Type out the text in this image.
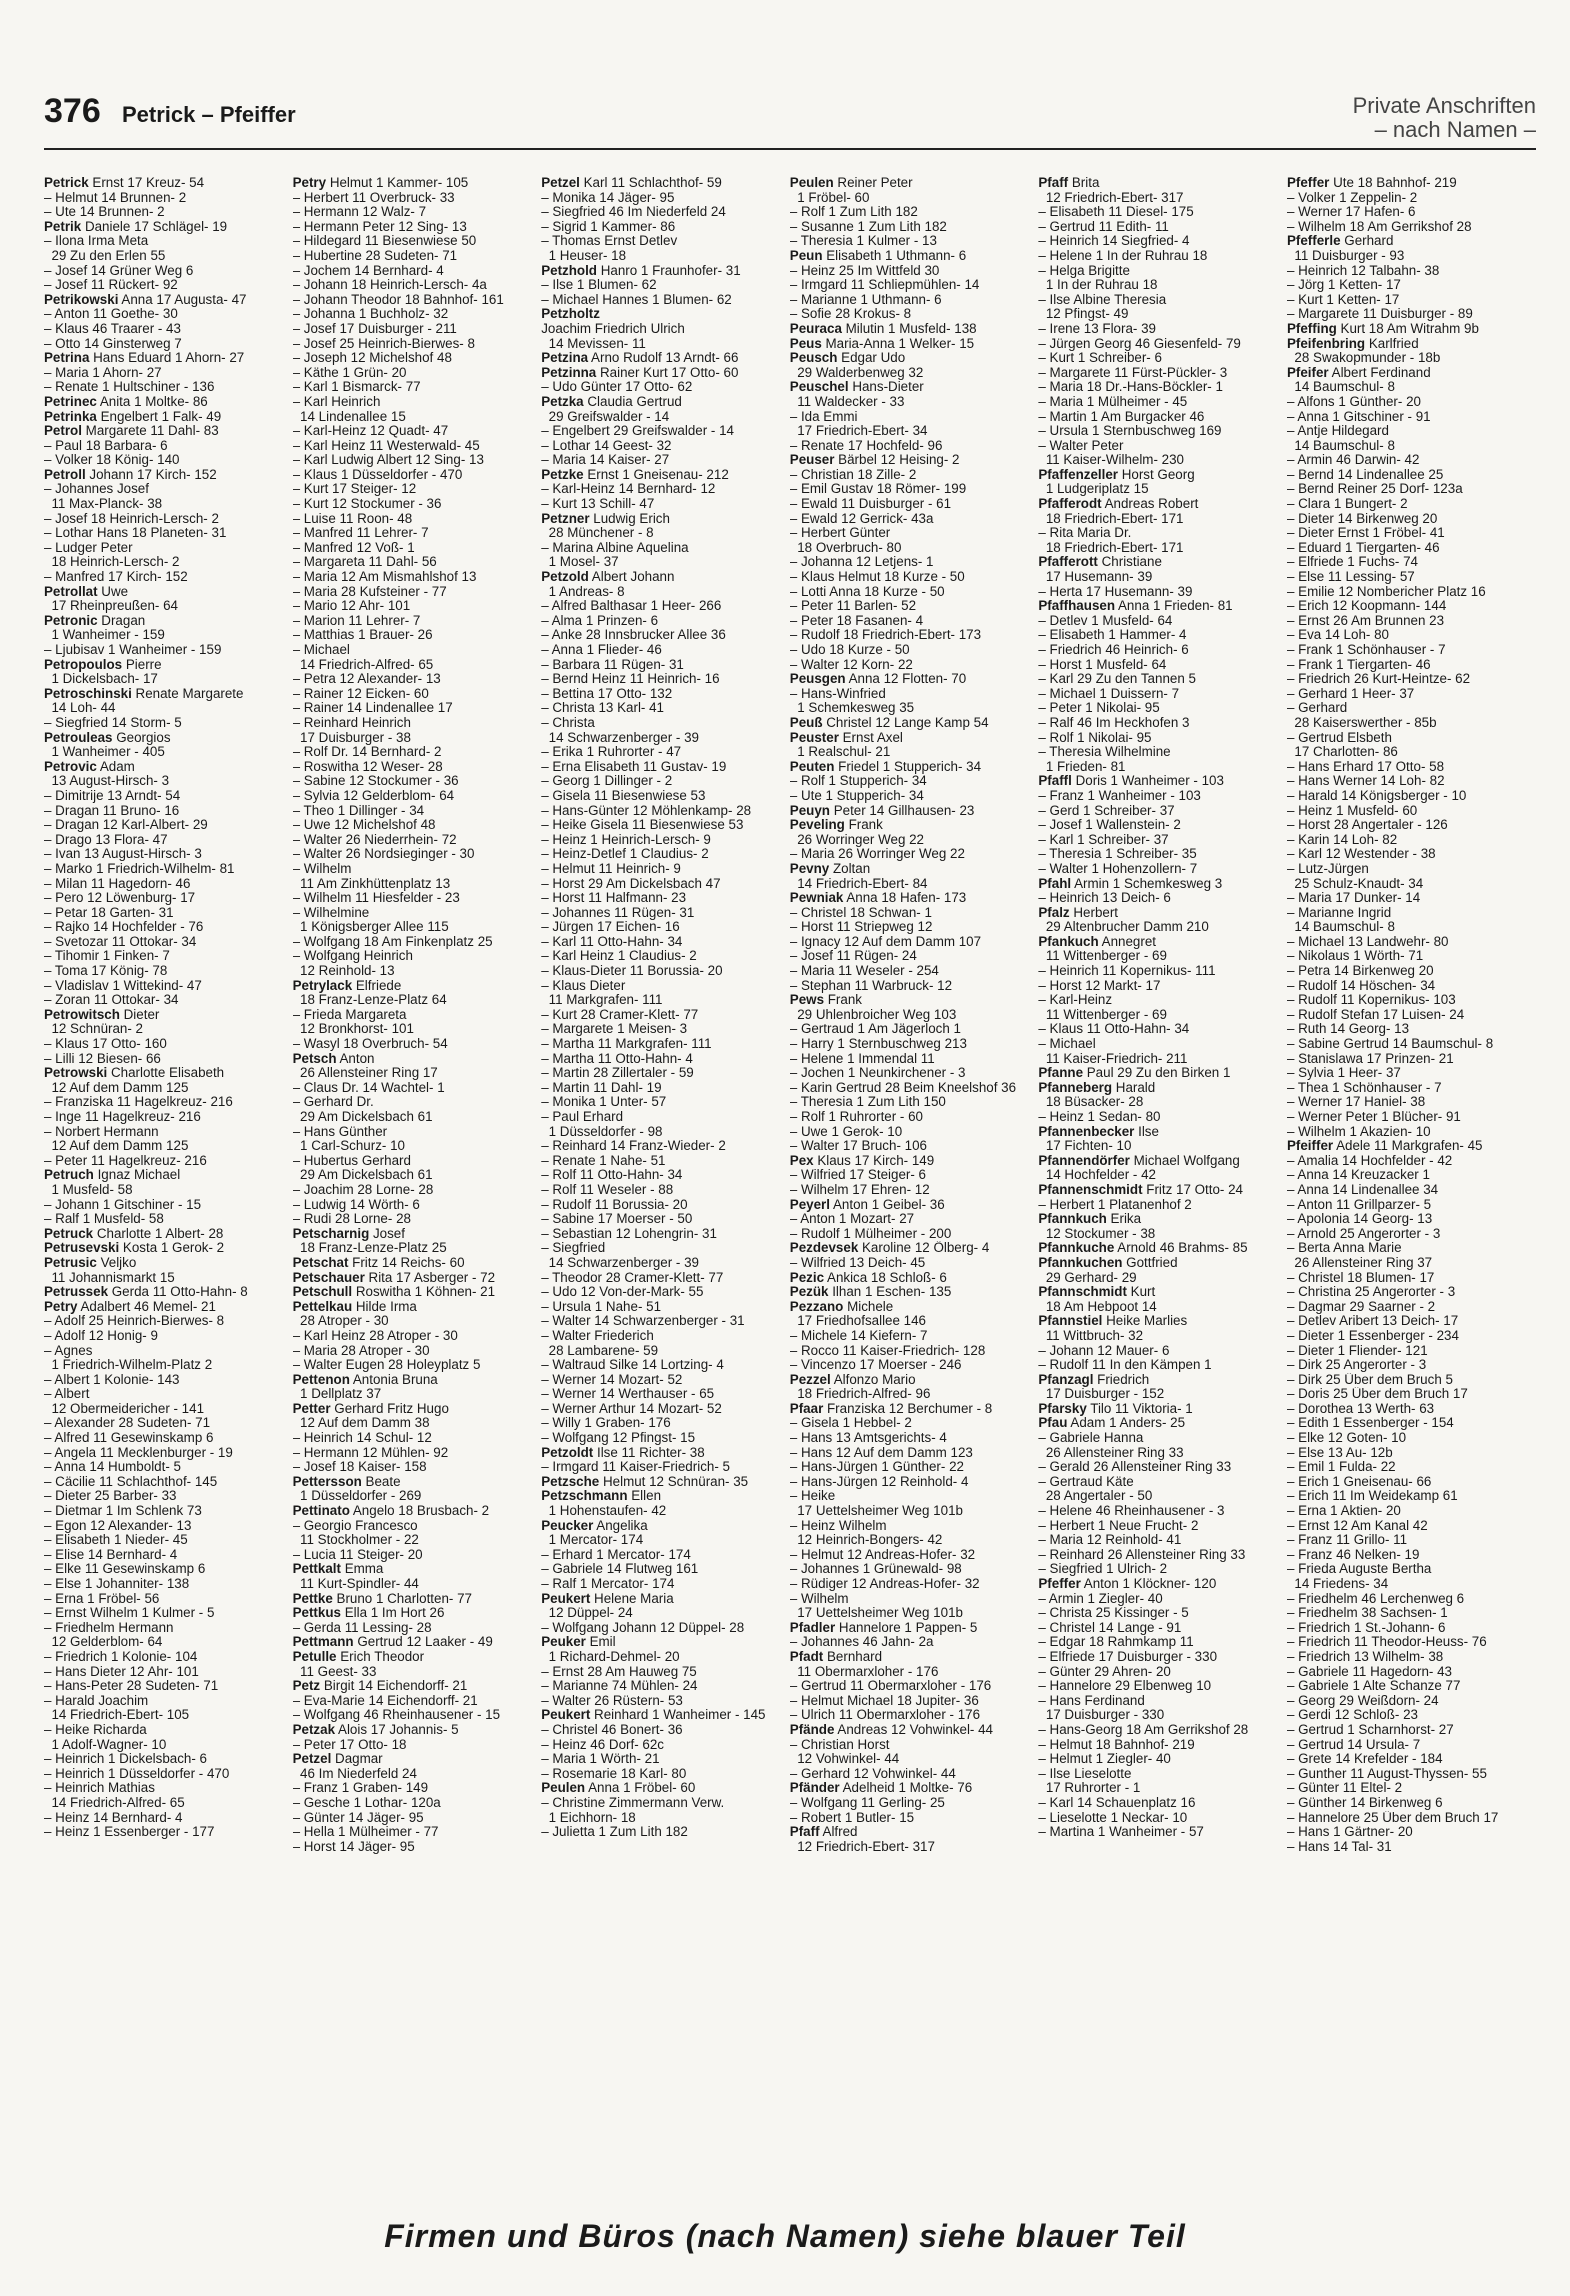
376 Petrick – Pfeiffer	Private Anschriften
– nach Namen –
Petrick Ernst 17 Kreuz- 54
– Helmut 14 Brunnen- 2
– Ute 14 Brunnen- 2
Petrik Daniele 17 Schlägel- 19
– Ilona Irma Meta
29 Zu den Erlen 55
– Josef 14 Grüner Weg 6
– Josef 11 Rückert- 92
Petrikowski Anna 17 Augusta- 47
– Anton 11 Goethe- 30
– Klaus 46 Traarer - 43
– Otto 14 Ginsterweg 7
Petrina Hans Eduard 1 Ahorn- 27
– Maria 1 Ahorn- 27
– Renate 1 Hultschiner - 136
Petrinec Anita 1 Moltke- 86
Petrinka Engelbert 1 Falk- 49
Petrol Margarete 11 Dahl- 83
– Paul 18 Barbara- 6
– Volker 18 König- 140
Petroll Johann 17 Kirch- 152
– Johannes Josef
11 Max-Planck- 38
– Josef 18 Heinrich-Lersch- 2
– Lothar Hans 18 Planeten- 31
– Ludger Peter
18 Heinrich-Lersch- 2
– Manfred 17 Kirch- 152
Petrollat Uwe
17 Rheinpreußen- 64
Petronic Dragan
1 Wanheimer - 159
– Ljubisav 1 Wanheimer - 159
Petropoulos Pierre
1 Dickelsbach- 17
Petroschinski Renate Margarete
14 Loh- 44
– Siegfried 14 Storm- 5
Petrouleas Georgios
1 Wanheimer - 405
Petrovic Adam
13 August-Hirsch- 3
– Dimitrije 13 Arndt- 54
– Dragan 11 Bruno- 16
– Dragan 12 Karl-Albert- 29
– Drago 13 Flora- 47
– Ivan 13 August-Hirsch- 3
– Marko 1 Friedrich-Wilhelm- 81
– Milan 11 Hagedorn- 46
– Pero 12 Löwenburg- 17
– Petar 18 Garten- 31
– Rajko 14 Hochfelder - 76
– Svetozar 11 Ottokar- 34
– Tihomir 1 Finken- 7
– Toma 17 König- 78
– Vladislav 1 Wittekind- 47
– Zoran 11 Ottokar- 34
Petrowitsch Dieter
12 Schnüran- 2
– Klaus 17 Otto- 160
– Lilli 12 Biesen- 66
Petrowski Charlotte Elisabeth
12 Auf dem Damm 125
– Franziska 11 Hagelkreuz- 216
– Inge 11 Hagelkreuz- 216
– Norbert Hermann
12 Auf dem Damm 125
– Peter 11 Hagelkreuz- 216
Petruch Ignaz Michael
1 Musfeld- 58
– Johann 1 Gitschiner - 15
– Ralf 1 Musfeld- 58
Petruck Charlotte 1 Albert- 28
Petrusevski Kosta 1 Gerok- 2
Petrusic Veljko
11 Johannismarkt 15
Petrussek Gerda 11 Otto-Hahn- 8
Petry Adalbert 46 Memel- 21
– Adolf 25 Heinrich-Bierwes- 8
– Adolf 12 Honig- 9
– Agnes
1 Friedrich-Wilhelm-Platz 2
– Albert 1 Kolonie- 143
– Albert
12 Obermeidericher - 141
– Alexander 28 Sudeten- 71
– Alfred 11 Gesewinskamp 6
– Angela 11 Mecklenburger - 19
– Anna 14 Humboldt- 5
– Cäcilie 11 Schlachthof- 145
– Dieter 25 Barber- 33
– Dietmar 1 Im Schlenk 73
– Egon 12 Alexander- 13
– Elisabeth 1 Nieder- 45
– Elise 14 Bernhard- 4
– Elke 11 Gesewinskamp 6
– Else 1 Johanniter- 138
– Erna 1 Fröbel- 56
– Ernst Wilhelm 1 Kulmer - 5
– Friedhelm Hermann
12 Gelderblom- 64
– Friedrich 1 Kolonie- 104
– Hans Dieter 12 Ahr- 101
– Hans-Peter 28 Sudeten- 71
– Harald Joachim
14 Friedrich-Ebert- 105
– Heike Richarda
1 Adolf-Wagner- 10
– Heinrich 1 Dickelsbach- 6
– Heinrich 1 Düsseldorfer - 470
– Heinrich Mathias
14 Friedrich-Alfred- 65
– Heinz 14 Bernhard- 4
– Heinz 1 Essenberger - 177
Petry Helmut 1 Kammer- 105
– Herbert 11 Overbruck- 33
– Hermann 12 Walz- 7
– Hermann Peter 12 Sing- 13
– Hildegard 11 Biesenwiese 50
– Hubertine 28 Sudeten- 71
– Jochem 14 Bernhard- 4
– Johann 18 Heinrich-Lersch- 4a
– Johann Theodor 18 Bahnhof- 161
– Johanna 1 Buchholz- 32
– Josef 17 Duisburger - 211
– Josef 25 Heinrich-Bierwes- 8
– Joseph 12 Michelshof 48
– Käthe 1 Grün- 20
– Karl 1 Bismarck- 77
– Karl Heinrich
14 Lindenallee 15
– Karl-Heinz 12 Quadt- 47
– Karl Heinz 11 Westerwald- 45
– Karl Ludwig Albert 12 Sing- 13
– Klaus 1 Düsseldorfer - 470
– Kurt 17 Steiger- 12
– Kurt 12 Stockumer - 36
– Luise 11 Roon- 48
– Manfred 11 Lehrer- 7
– Manfred 12 Voß- 1
– Margareta 11 Dahl- 56
– Maria 12 Am Mismahlshof 13
– Maria 28 Kufsteiner - 77
– Mario 12 Ahr- 101
– Marion 11 Lehrer- 7
– Matthias 1 Brauer- 26
– Michael
14 Friedrich-Alfred- 65
– Petra 12 Alexander- 13
– Rainer 12 Eicken- 60
– Rainer 14 Lindenallee 17
– Reinhard Heinrich
17 Duisburger - 38
– Rolf Dr. 14 Bernhard- 2
– Roswitha 12 Weser- 28
– Sabine 12 Stockumer - 36
– Sylvia 12 Gelderblom- 64
– Theo 1 Dillinger - 34
– Uwe 12 Michelshof 48
– Walter 26 Niederrhein- 72
– Walter 26 Nordsieginger - 30
– Wilhelm
11 Am Zinkhüttenplatz 13
– Wilhelm 11 Hiesfelder - 23
– Wilhelmine
1 Königsberger Allee 115
– Wolfgang 18 Am Finkenplatz 25
– Wolfgang Heinrich
12 Reinhold- 13
Petrylack Elfriede
18 Franz-Lenze-Platz 64
– Frieda Margareta
12 Bronkhorst- 101
– Wasyl 18 Overbruch- 54
Petsch Anton
26 Allensteiner Ring 17
– Claus Dr. 14 Wachtel- 1
– Gerhard Dr.
29 Am Dickelsbach 61
– Hans Günther
1 Carl-Schurz- 10
– Hubertus Gerhard
29 Am Dickelsbach 61
– Joachim 28 Lorne- 28
– Ludwig 14 Wörth- 6
– Rudi 28 Lorne- 28
Petscharnig Josef
18 Franz-Lenze-Platz 25
Petschat Fritz 14 Reichs- 60
Petschauer Rita 17 Asberger - 72
Petschull Roswitha 1 Köhnen- 21
Pettelkau Hilde Irma
28 Atroper - 30
– Karl Heinz 28 Atroper - 30
– Maria 28 Atroper - 30
– Walter Eugen 28 Holeyplatz 5
Pettenon Antonia Bruna
1 Dellplatz 37
Petter Gerhard Fritz Hugo
12 Auf dem Damm 38
– Heinrich 14 Schul- 12
– Hermann 12 Mühlen- 92
– Josef 18 Kaiser- 158
Pettersson Beate
1 Düsseldorfer - 269
Pettinato Angelo 18 Brusbach- 2
– Georgio Francesco
11 Stockholmer - 22
– Lucia 11 Steiger- 20
Pettkalt Emma
11 Kurt-Spindler- 44
Pettke Bruno 1 Charlotten- 77
Pettkus Ella 1 Im Hort 26
– Gerda 11 Lessing- 28
Pettmann Gertrud 12 Laaker - 49
Petulle Erich Theodor
11 Geest- 33
Petz Birgit 14 Eichendorff- 21
– Eva-Marie 14 Eichendorff- 21
– Wolfgang 46 Rheinhausener - 15
Petzak Alois 17 Johannis- 5
– Peter 17 Otto- 18
Petzel Dagmar
46 Im Niederfeld 24
– Franz 1 Graben- 149
– Gesche 1 Lothar- 120a
– Günter 14 Jäger- 95
– Hella 1 Mülheimer - 77
– Horst 14 Jäger- 95
Petzel Karl 11 Schlachthof- 59
– Monika 14 Jäger- 95
– Siegfried 46 Im Niederfeld 24
– Sigrid 1 Kammer- 86
– Thomas Ernst Detlev
1 Heuser- 18
Petzhold Hanro 1 Fraunhofer- 31
– Ilse 1 Blumen- 62
– Michael Hannes 1 Blumen- 62
Petzholtz
Joachim Friedrich Ulrich
14 Mevissen- 11
Petzina Arno Rudolf 13 Arndt- 66
Petzinna Rainer Kurt 17 Otto- 60
– Udo Günter 17 Otto- 62
Petzka Claudia Gertrud
29 Greifswalder - 14
– Engelbert 29 Greifswalder - 14
– Lothar 14 Geest- 32
– Maria 14 Kaiser- 27
Petzke Ernst 1 Gneisenau- 212
– Karl-Heinz 14 Bernhard- 12
– Kurt 13 Schill- 47
Petzner Ludwig Erich
28 Münchener - 8
– Marina Albine Aquelina
1 Mosel- 37
Petzold Albert Johann
1 Andreas- 8
– Alfred Balthasar 1 Heer- 266
– Alma 1 Prinzen- 6
– Anke 28 Innsbrucker Allee 36
– Anna 1 Flieder- 46
– Barbara 11 Rügen- 31
– Bernd Heinz 11 Heinrich- 16
– Bettina 17 Otto- 132
– Christa 13 Karl- 41
– Christa
14 Schwarzenberger - 39
– Erika 1 Ruhrorter - 47
– Erna Elisabeth 11 Gustav- 19
– Georg 1 Dillinger - 2
– Gisela 11 Biesenwiese 53
– Hans-Günter 12 Möhlenkamp- 28
– Heike Gisela 11 Biesenwiese 53
– Heinz 1 Heinrich-Lersch- 9
– Heinz-Detlef 1 Claudius- 2
– Helmut 11 Heinrich- 9
– Horst 29 Am Dickelsbach 47
– Horst 11 Halfmann- 23
– Johannes 11 Rügen- 31
– Jürgen 17 Eichen- 16
– Karl 11 Otto-Hahn- 34
– Karl Heinz 1 Claudius- 2
– Klaus-Dieter 11 Borussia- 20
– Klaus Dieter
11 Markgrafen- 111
– Kurt 28 Cramer-Klett- 77
– Margarete 1 Meisen- 3
– Martha 11 Markgrafen- 111
– Martha 11 Otto-Hahn- 4
– Martin 28 Zillertaler - 59
– Martin 11 Dahl- 19
– Monika 1 Unter- 57
– Paul Erhard
1 Düsseldorfer - 98
– Reinhard 14 Franz-Wieder- 2
– Renate 1 Nahe- 51
– Rolf 11 Otto-Hahn- 34
– Rolf 11 Weseler - 88
– Rudolf 11 Borussia- 20
– Sabine 17 Moerser - 50
– Sebastian 12 Lohengrin- 31
– Siegfried
14 Schwarzenberger - 39
– Theodor 28 Cramer-Klett- 77
– Udo 12 Von-der-Mark- 55
– Ursula 1 Nahe- 51
– Walter 14 Schwarzenberger - 31
– Walter Friederich
28 Lambarene- 59
– Waltraud Silke 14 Lortzing- 4
– Werner 14 Mozart- 52
– Werner 14 Werthauser - 65
– Werner Arthur 14 Mozart- 52
– Willy 1 Graben- 176
– Wolfgang 12 Pfingst- 15
Petzoldt Ilse 11 Richter- 38
– Irmgard 11 Kaiser-Friedrich- 5
Petzsche Helmut 12 Schnüran- 35
Petzschmann Ellen
1 Hohenstaufen- 42
Peucker Angelika
1 Mercator- 174
– Erhard 1 Mercator- 174
– Gabriele 14 Flutweg 161
– Ralf 1 Mercator- 174
Peukert Helene Maria
12 Düppel- 24
– Wolfgang Johann 12 Düppel- 28
Peuker Emil
1 Richard-Dehmel- 20
– Ernst 28 Am Hauweg 75
– Marianne 74 Mühlen- 24
– Walter 26 Rüstern- 53
Peukert Reinhard 1 Wanheimer - 145
– Christel 46 Bonert- 36
– Heinz 46 Dorf- 62c
– Maria 1 Wörth- 21
– Rosemarie 18 Karl- 80
Peulen Anna 1 Fröbel- 60
– Christine Zimmermann Verw.
1 Eichhorn- 18
– Julietta 1 Zum Lith 182
Peulen Reiner Peter
1 Fröbel- 60
– Rolf 1 Zum Lith 182
– Susanne 1 Zum Lith 182
– Theresia 1 Kulmer - 13
Peun Elisabeth 1 Uthmann- 6
– Heinz 25 Im Wittfeld 30
– Irmgard 11 Schliepmühlen- 14
– Marianne 1 Uthmann- 6
– Sofie 28 Krokus- 8
Peuraca Milutin 1 Musfeld- 138
Peus Maria-Anna 1 Welker- 15
Peusch Edgar Udo
29 Walderbenweg 32
Peuschel Hans-Dieter
11 Waldecker - 33
– Ida Emmi
17 Friedrich-Ebert- 34
– Renate 17 Hochfeld- 96
Peuser Bärbel 12 Heising- 2
– Christian 18 Zille- 2
– Emil Gustav 18 Römer- 199
– Ewald 11 Duisburger - 61
– Ewald 12 Gerrick- 43a
– Herbert Günter
18 Overbruch- 80
– Johanna 12 Letjens- 1
– Klaus Helmut 18 Kurze - 50
– Lotti Anna 18 Kurze - 50
– Peter 11 Barlen- 52
– Peter 18 Fasanen- 4
– Rudolf 18 Friedrich-Ebert- 173
– Udo 18 Kurze - 50
– Walter 12 Korn- 22
Peusgen Anna 12 Flotten- 70
– Hans-Winfried
1 Schemkesweg 35
Peuß Christel 12 Lange Kamp 54
Peuster Ernst Axel
1 Realschul- 21
Peuten Friedel 1 Stupperich- 34
– Rolf 1 Stupperich- 34
– Ute 1 Stupperich- 34
Peuyn Peter 14 Gillhausen- 23
Peveling Frank
26 Worringer Weg 22
– Maria 26 Worringer Weg 22
Pevny Zoltan
14 Friedrich-Ebert- 84
Pewniak Anna 18 Hafen- 173
– Christel 18 Schwan- 1
– Horst 11 Striepweg 12
– Ignacy 12 Auf dem Damm 107
– Josef 11 Rügen- 24
– Maria 11 Weseler - 254
– Stephan 11 Warbruck- 12
Pews Frank
29 Uhlenbroicher Weg 103
– Gertraud 1 Am Jägerloch 1
– Harry 1 Sternbuschweg 213
– Helene 1 Immendal 11
– Jochen 1 Neunkirchener - 3
– Karin Gertrud 28 Beim Kneelshof 36
– Theresia 1 Zum Lith 150
– Rolf 1 Ruhrorter - 60
– Uwe 1 Gerok- 10
– Walter 17 Bruch- 106
Pex Klaus 17 Kirch- 149
– Wilfried 17 Steiger- 6
– Wilhelm 17 Ehren- 12
Peyerl Anton 1 Geibel- 36
– Anton 1 Mozart- 27
– Rudolf 1 Mülheimer - 200
Pezdevsek Karoline 12 Ölberg- 4
– Wilfried 13 Deich- 45
Pezic Ankica 18 Schloß- 6
Pezük Ilhan 1 Eschen- 135
Pezzano Michele
17 Friedhofsallee 146
– Michele 14 Kiefern- 7
– Rocco 11 Kaiser-Friedrich- 128
– Vincenzo 17 Moerser - 246
Pezzel Alfonzo Mario
18 Friedrich-Alfred- 96
Pfaar Franziska 12 Berchumer - 8
– Gisela 1 Hebbel- 2
– Hans 13 Amtsgerichts- 4
– Hans 12 Auf dem Damm 123
– Hans-Jürgen 1 Günther- 22
– Hans-Jürgen 12 Reinhold- 4
– Heike
17 Uettelsheimer Weg 101b
– Heinz Wilhelm
12 Heinrich-Bongers- 42
– Helmut 12 Andreas-Hofer- 32
– Johannes 1 Grünewald- 98
– Rüdiger 12 Andreas-Hofer- 32
– Wilhelm
17 Uettelsheimer Weg 101b
Pfadler Hannelore 1 Pappen- 5
– Johannes 46 Jahn- 2a
Pfadt Bernhard
11 Obermarxloher - 176
– Gertrud 11 Obermarxloher - 176
– Helmut Michael 18 Jupiter- 36
– Ulrich 11 Obermarxloher - 176
Pfände Andreas 12 Vohwinkel- 44
– Christian Horst
12 Vohwinkel- 44
– Gerhard 12 Vohwinkel- 44
Pfänder Adelheid 1 Moltke- 76
– Wolfgang 11 Gerling- 25
– Robert 1 Butler- 15
Pfaff Alfred
12 Friedrich-Ebert- 317
Pfaff Brita
12 Friedrich-Ebert- 317
– Elisabeth 11 Diesel- 175
– Gertrud 11 Edith- 11
– Heinrich 14 Siegfried- 4
– Helene 1 In der Ruhrau 18
– Helga Brigitte
1 In der Ruhrau 18
– Ilse Albine Theresia
12 Pfingst- 49
– Irene 13 Flora- 39
– Jürgen Georg 46 Giesenfeld- 79
– Kurt 1 Schreiber- 6
– Margarete 11 Fürst-Pückler- 3
– Maria 18 Dr.-Hans-Böckler- 1
– Maria 1 Mülheimer - 45
– Martin 1 Am Burgacker 46
– Ursula 1 Sternbuschweg 169
– Walter Peter
11 Kaiser-Wilhelm- 230
Pfaffenzeller Horst Georg
1 Ludgeriplatz 15
Pfafferodt Andreas Robert
18 Friedrich-Ebert- 171
– Rita Maria Dr.
18 Friedrich-Ebert- 171
Pfafferott Christiane
17 Husemann- 39
– Herta 17 Husemann- 39
Pfaffhausen Anna 1 Frieden- 81
– Detlev 1 Musfeld- 64
– Elisabeth 1 Hammer- 4
– Friedrich 46 Heinrich- 6
– Horst 1 Musfeld- 64
– Karl 29 Zu den Tannen 5
– Michael 1 Duissern- 7
– Peter 1 Nikolai- 95
– Ralf 46 Im Heckhofen 3
– Rolf 1 Nikolai- 95
– Theresia Wilhelmine
1 Frieden- 81
Pfaffl Doris 1 Wanheimer - 103
– Franz 1 Wanheimer - 103
– Gerd 1 Schreiber- 37
– Josef 1 Wallenstein- 2
– Karl 1 Schreiber- 37
– Theresia 1 Schreiber- 35
– Walter 1 Hohenzollern- 7
Pfahl Armin 1 Schemkesweg 3
– Heinrich 13 Deich- 6
Pfalz Herbert
29 Altenbrucher Damm 210
Pfankuch Annegret
11 Wittenberger - 69
– Heinrich 11 Kopernikus- 111
– Horst 12 Markt- 17
– Karl-Heinz
11 Wittenberger - 69
– Klaus 11 Otto-Hahn- 34
– Michael
11 Kaiser-Friedrich- 211
Pfanne Paul 29 Zu den Birken 1
Pfanneberg Harald
18 Büsacker- 28
– Heinz 1 Sedan- 80
Pfannenbecker Ilse
17 Fichten- 10
Pfannendörfer Michael Wolfgang
14 Hochfelder - 42
Pfannenschmidt Fritz 17 Otto- 24
– Herbert 1 Platanenhof 2
Pfannkuch Erika
12 Stockumer - 38
Pfannkuche Arnold 46 Brahms- 85
Pfannkuchen Gottfried
29 Gerhard- 29
Pfannschmidt Kurt
18 Am Hebpoot 14
Pfannstiel Heike Marlies
11 Wittbruch- 32
– Johann 12 Mauer- 6
– Rudolf 11 In den Kämpen 1
Pfanzagl Friedrich
17 Duisburger - 152
Pfarsky Tilo 11 Viktoria- 1
Pfau Adam 1 Anders- 25
– Gabriele Hanna
26 Allensteiner Ring 33
– Gerald 26 Allensteiner Ring 33
– Gertraud Käte
28 Angertaler - 50
– Helene 46 Rheinhausener - 3
– Herbert 1 Neue Frucht- 2
– Maria 12 Reinhold- 41
– Reinhard 26 Allensteiner Ring 33
– Siegfried 1 Ulrich- 2
Pfeffer Anton 1 Klöckner- 120
– Armin 1 Ziegler- 40
– Christa 25 Kissinger - 5
– Christel 14 Lange - 91
– Edgar 18 Rahmkamp 11
– Elfriede 17 Duisburger - 330
– Günter 29 Ahren- 20
– Hannelore 29 Elbenweg 10
– Hans Ferdinand
17 Duisburger - 330
– Hans-Georg 18 Am Gerrikshof 28
– Helmut 18 Bahnhof- 219
– Helmut 1 Ziegler- 40
– Ilse Lieselotte
17 Ruhrorter - 1
– Karl 14 Schauenplatz 16
– Lieselotte 1 Neckar- 10
– Martina 1 Wanheimer - 57
Pfeffer Ute 18 Bahnhof- 219
– Volker 1 Zeppelin- 2
– Werner 17 Hafen- 6
– Wilhelm 18 Am Gerrikshof 28
Pfefferle Gerhard
11 Duisburger - 93
– Heinrich 12 Talbahn- 38
– Jörg 1 Ketten- 17
– Kurt 1 Ketten- 17
– Margarete 11 Duisburger - 89
Pfeffing Kurt 18 Am Witrahm 9b
Pfeifenbring Karlfried
28 Swakopmunder - 18b
Pfeifer Albert Ferdinand
14 Baumschul- 8
– Alfons 1 Günther- 20
– Anna 1 Gitschiner - 91
– Antje Hildegard
14 Baumschul- 8
– Armin 46 Darwin- 42
– Bernd 14 Lindenallee 25
– Bernd Reiner 25 Dorf- 123a
– Clara 1 Bungert- 2
– Dieter 14 Birkenweg 20
– Dieter Ernst 1 Fröbel- 41
– Eduard 1 Tiergarten- 46
– Elfriede 1 Fuchs- 74
– Else 11 Lessing- 57
– Emilie 12 Nombericher Platz 16
– Erich 12 Koopmann- 144
– Ernst 26 Am Brunnen 23
– Eva 14 Loh- 80
– Frank 1 Schönhauser - 7
– Frank 1 Tiergarten- 46
– Friedrich 26 Kurt-Heintze- 62
– Gerhard 1 Heer- 37
– Gerhard
28 Kaiserswerther - 85b
– Gertrud Elsbeth
17 Charlotten- 86
– Hans Erhard 17 Otto- 58
– Hans Werner 14 Loh- 82
– Harald 14 Königsberger - 10
– Heinz 1 Musfeld- 60
– Horst 28 Angertaler - 126
– Karin 14 Loh- 82
– Karl 12 Westender - 38
– Lutz-Jürgen
25 Schulz-Knaudt- 34
– Maria 17 Dunker- 14
– Marianne Ingrid
14 Baumschul- 8
– Michael 13 Landwehr- 80
– Nikolaus 1 Wörth- 71
– Petra 14 Birkenweg 20
– Rudolf 14 Höschen- 34
– Rudolf 11 Kopernikus- 103
– Rudolf Stefan 17 Luisen- 24
– Ruth 14 Georg- 13
– Sabine Gertrud 14 Baumschul- 8
– Stanislawa 17 Prinzen- 21
– Sylvia 1 Heer- 37
– Thea 1 Schönhauser - 7
– Werner 17 Haniel- 38
– Werner Peter 1 Blücher- 91
– Wilhelm 1 Akazien- 10
Pfeiffer Adele 11 Markgrafen- 45
– Amalia 14 Hochfelder - 42
– Anna 14 Kreuzacker 1
– Anna 14 Lindenallee 34
– Anton 11 Grillparzer- 5
– Apolonia 14 Georg- 13
– Arnold 25 Angerorter - 3
– Berta Anna Marie
26 Allensteiner Ring 37
– Christel 18 Blumen- 17
– Christina 25 Angerorter - 3
– Dagmar 29 Saarner - 2
– Detlev Aribert 13 Deich- 17
– Dieter 1 Essenberger - 234
– Dieter 1 Fliender- 121
– Dirk 25 Angerorter - 3
– Dirk 25 Über dem Bruch 5
– Doris 25 Über dem Bruch 17
– Dorothea 13 Werth- 63
– Edith 1 Essenberger - 154
– Elke 12 Goten- 10
– Else 13 Au- 12b
– Emil 1 Fulda- 22
– Erich 1 Gneisenau- 66
– Erich 11 Im Weidekamp 61
– Erna 1 Aktien- 20
– Ernst 12 Am Kanal 42
– Franz 11 Grillo- 11
– Franz 46 Nelken- 19
– Frieda Auguste Bertha
14 Friedens- 34
– Friedhelm 46 Lerchenweg 6
– Friedhelm 38 Sachsen- 1
– Friedrich 1 St.-Johann- 6
– Friedrich 11 Theodor-Heuss- 76
– Friedrich 13 Wilhelm- 38
– Gabriele 11 Hagedorn- 43
– Gabriele 1 Alte Schanze 77
– Georg 29 Weißdorn- 24
– Gerdi 12 Schloß- 23
– Gertrud 1 Scharnhorst- 27
– Gertrud 14 Ursula- 7
– Grete 14 Krefelder - 184
– Gunther 11 August-Thyssen- 55
– Günter 11 Eltel- 2
– Günther 14 Birkenweg 6
– Hannelore 25 Über dem Bruch 17
– Hans 1 Gärtner- 20
– Hans 14 Tal- 31
Firmen und Büros (nach Namen) siehe blauer Teil
